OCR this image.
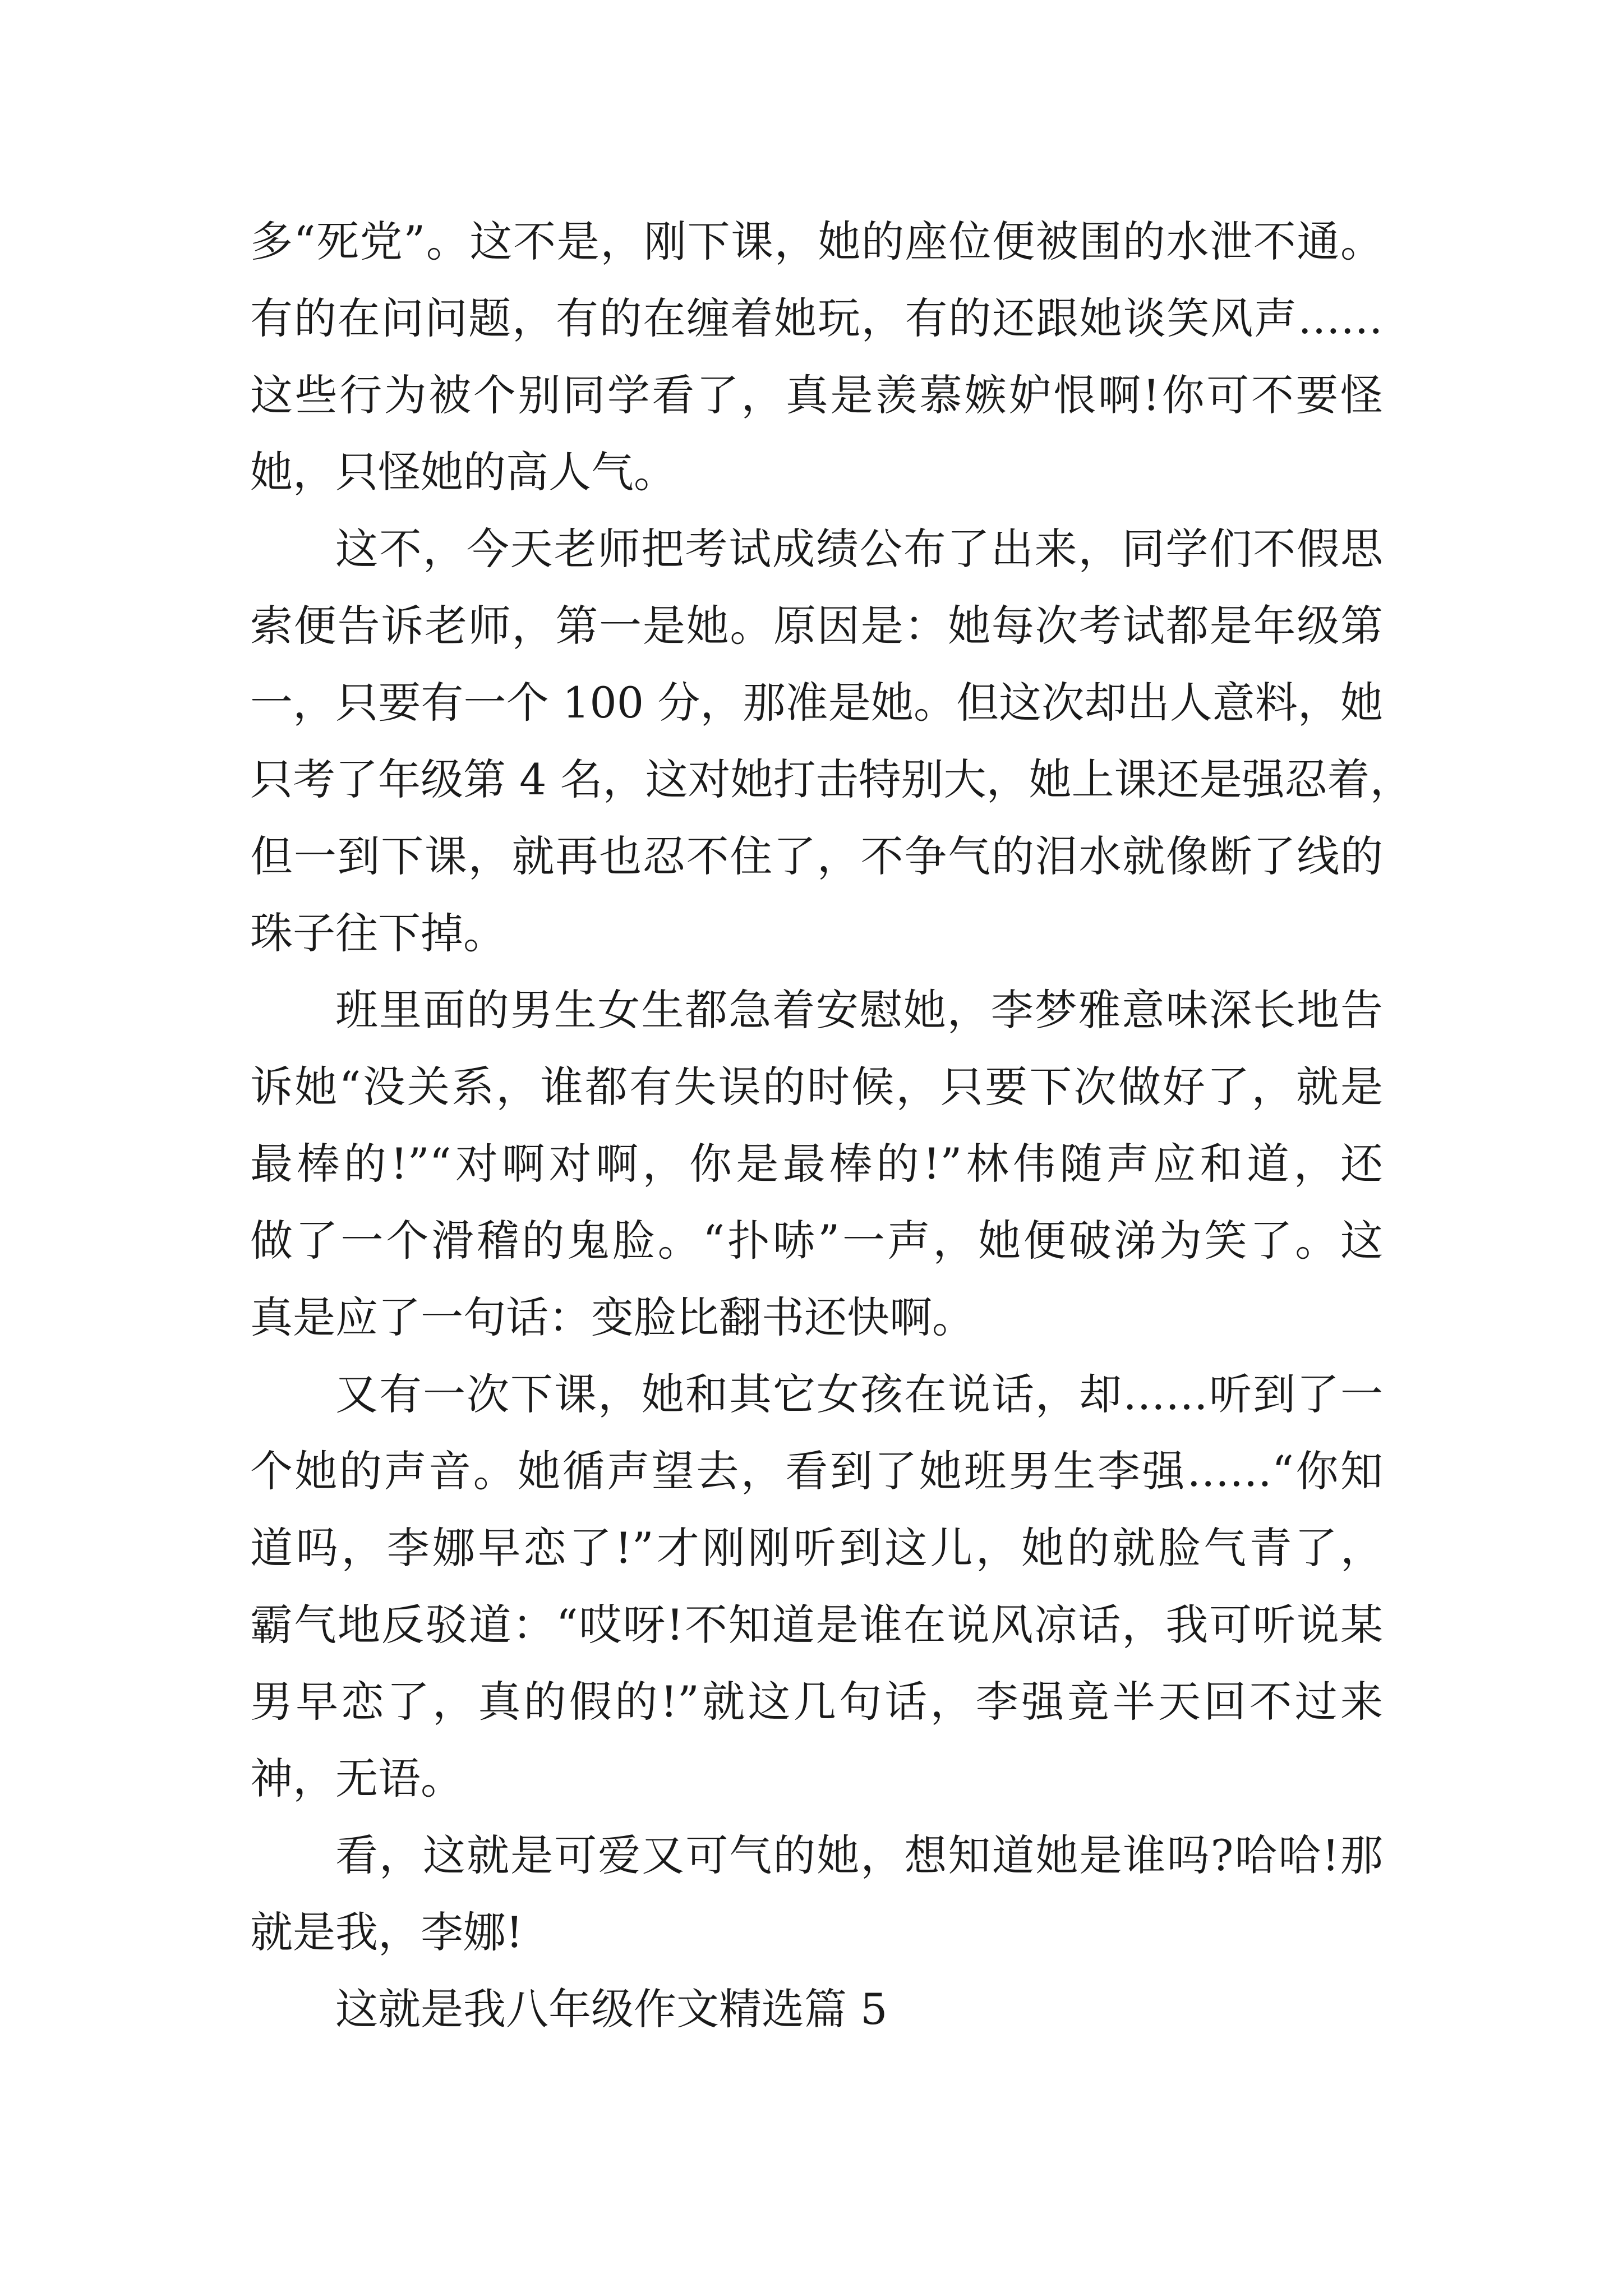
多“死党”。这不是，刚下课，她的座位便被围的水泄不通。
有的在问问题，有的在缠着她玩，有的还跟她谈笑风声……
这些行为被个别同学看了，真是羡慕嫉妒恨啊!你可不要怪
她，只怪她的高人气。
这不，今天老师把考试成绩公布了出来，同学们不假思
索便告诉老师，第一是她。原因是：她每次考试都是年级第
一，只要有一个 100 分，那准是她。但这次却出人意料，她
只考了年级第 4 名，这对她打击特别大，她上课还是强忍着，
但一到下课，就再也忍不住了，不争气的泪水就像断了线的
珠子往下掉。
班里面的男生女生都急着安慰她，李梦雅意味深长地告
诉她“没关系，谁都有失误的时候，只要下次做好了，就是
最棒的!”“对啊对啊，你是最棒的!”林伟随声应和道，还
做了一个滑稽的鬼脸。“扑哧”一声，她便破涕为笑了。这
真是应了一句话：变脸比翻书还快啊。
又有一次下课，她和其它女孩在说话，却……听到了一
个她的声音。她循声望去，看到了她班男生李强……“你知
道吗，李娜早恋了!”才刚刚听到这儿，她的就脸气青了，
霸气地反驳道：“哎呀!不知道是谁在说风凉话，我可听说某
男早恋了，真的假的!”就这几句话，李强竟半天回不过来
神，无语。
看，这就是可爱又可气的她，想知道她是谁吗?哈哈!那
就是我，李娜!
这就是我八年级作文精选篇 5
